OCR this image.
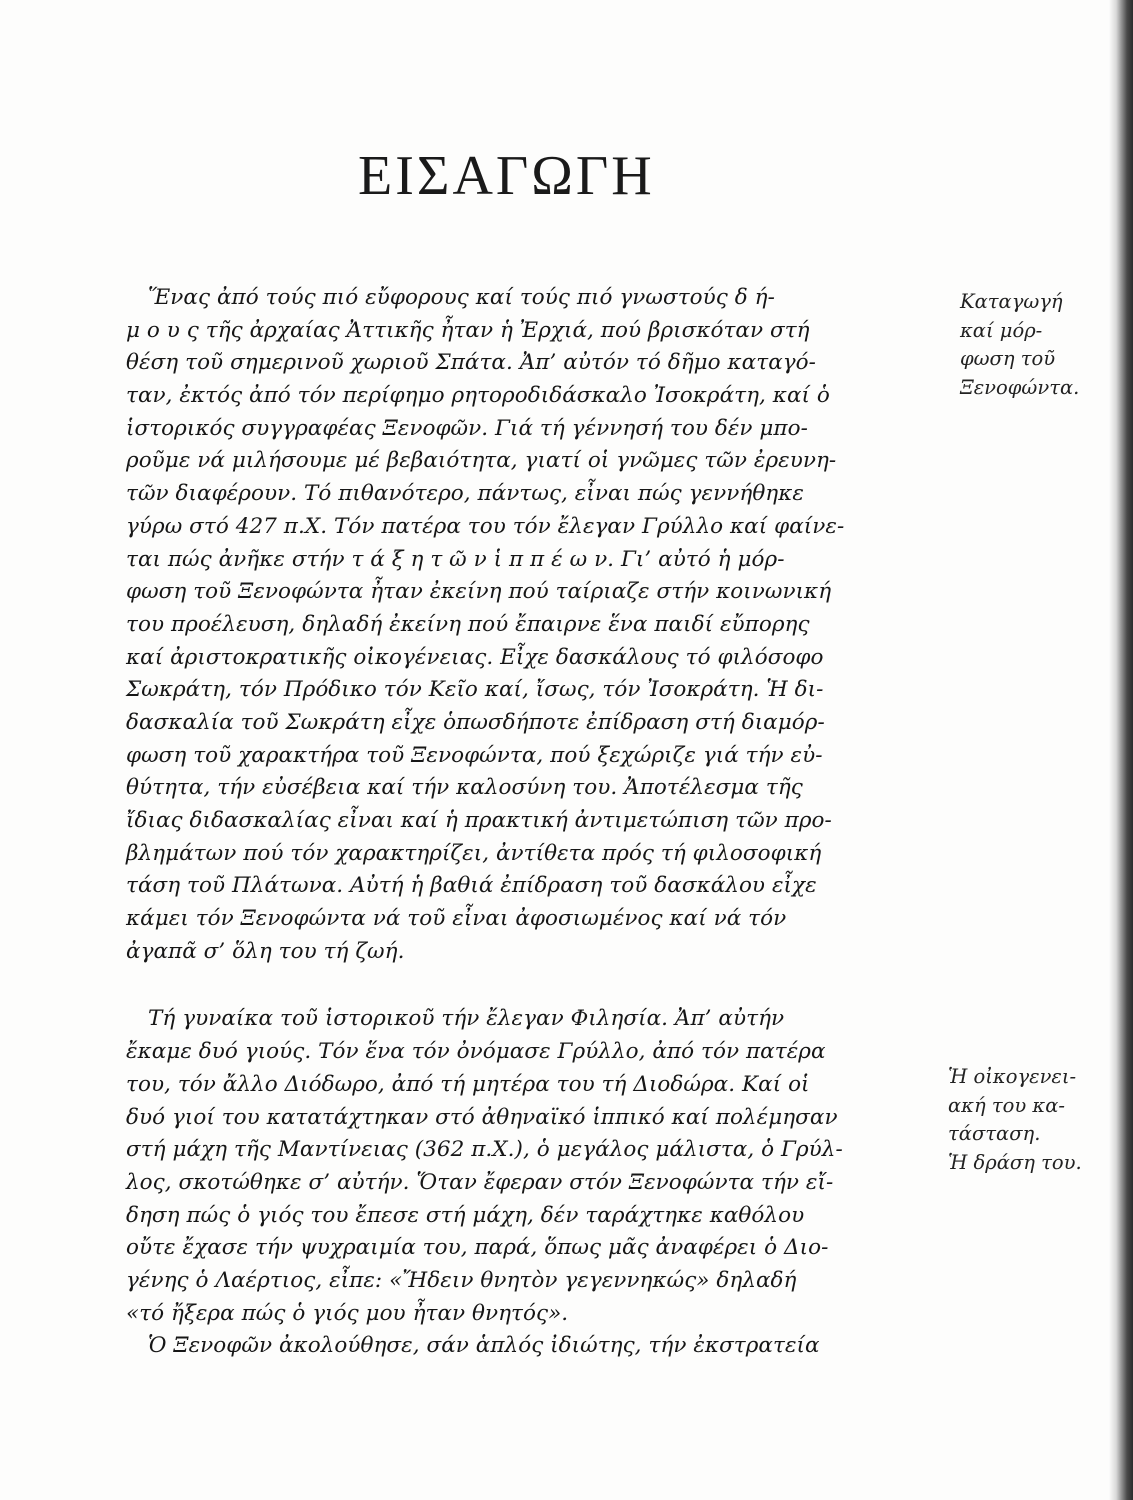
ΕΙΣΑΓΩΓΗ
Ἕνας ἀπό τούς πιό εὔφορους καί τούς πιό γνωστούς δ ή-
μ ο υ ς τῆς ἀρχαίας Ἀττικῆς ἦταν ἡ Ἐρχιά, πού βρισκόταν στή
θέση τοῦ σημερινοῦ χωριοῦ Σπάτα. Ἀπ’ αὐτόν τό δῆμο καταγό-
ταν, ἐκτός ἀπό τόν περίφημο ρητοροδιδάσκαλο Ἰσοκράτη, καί ὁ
ἱστορικός συγγραφέας Ξενοφῶν. Γιά τή γέννησή του δέν μπο-
ροῦμε νά μιλήσουμε μέ βεβαιότητα, γιατί οἱ γνῶμες τῶν ἐρευνη-
τῶν διαφέρουν. Τό πιθανότερο, πάντως, εἶναι πώς γεννήθηκε
γύρω στό 427 π.Χ. Τόν πατέρα του τόν ἔλεγαν Γρύλλο καί φαίνε-
ται πώς ἀνῆκε στήν τ ά ξ η τ ῶ ν ἱ π π έ ω ν. Γι’ αὐτό ἡ μόρ-
φωση τοῦ Ξενοφώντα ἦταν ἐκείνη πού ταίριαζε στήν κοινωνική
του προέλευση, δηλαδή ἐκείνη πού ἔπαιρνε ἕνα παιδί εὔπορης
καί ἀριστοκρατικῆς οἰκογένειας. Εἶχε δασκάλους τό φιλόσοφο
Σωκράτη, τόν Πρόδικο τόν Κεῖο καί, ἴσως, τόν Ἰσοκράτη. Ἡ δι-
δασκαλία τοῦ Σωκράτη εἶχε ὁπωσδήποτε ἐπίδραση στή διαμόρ-
φωση τοῦ χαρακτήρα τοῦ Ξενοφώντα, πού ξεχώριζε γιά τήν εὐ-
θύτητα, τήν εὐσέβεια καί τήν καλοσύνη του. Ἀποτέλεσμα τῆς
ἴδιας διδασκαλίας εἶναι καί ἡ πρακτική ἀντιμετώπιση τῶν προ-
βλημάτων πού τόν χαρακτηρίζει, ἀντίθετα πρός τή φιλοσοφική
τάση τοῦ Πλάτωνα. Αὐτή ἡ βαθιά ἐπίδραση τοῦ δασκάλου εἶχε
κάμει τόν Ξενοφώντα νά τοῦ εἶναι ἀφοσιωμένος καί νά τόν
ἀγαπᾶ σ’ ὅλη του τή ζωή.
Τή γυναίκα τοῦ ἱστορικοῦ τήν ἔλεγαν Φιλησία. Ἀπ’ αὐτήν
ἔκαμε δυό γιούς. Τόν ἕνα τόν ὀνόμασε Γρύλλο, ἀπό τόν πατέρα
του, τόν ἄλλο Διόδωρο, ἀπό τή μητέρα του τή Διοδώρα. Καί οἱ
δυό γιοί του κατατάχτηκαν στό ἀθηναϊκό ἱππικό καί πολέμησαν
στή μάχη τῆς Μαντίνειας (362 π.Χ.), ὁ μεγάλος μάλιστα, ὁ Γρύλ-
λος, σκοτώθηκε σ’ αὐτήν. Ὅταν ἔφεραν στόν Ξενοφώντα τήν εἴ-
δηση πώς ὁ γιός του ἔπεσε στή μάχη, δέν ταράχτηκε καθόλου
οὔτε ἔχασε τήν ψυχραιμία του, παρά, ὅπως μᾶς ἀναφέρει ὁ Διο-
γένης ὁ Λαέρτιος, εἶπε: «Ἤδειν θνητὸν γεγεννηκώς» δηλαδή
«τό ἤξερα πώς ὁ γιός μου ἦταν θνητός».
Ὁ Ξενοφῶν ἀκολούθησε, σάν ἁπλός ἰδιώτης, τήν ἐκστρατεία
Καταγωγή
καί μόρ-
φωση τοῦ
Ξενοφώντα.
Ἡ οἰκογενει-
ακή του κα-
τάσταση.
Ἡ δράση του.
